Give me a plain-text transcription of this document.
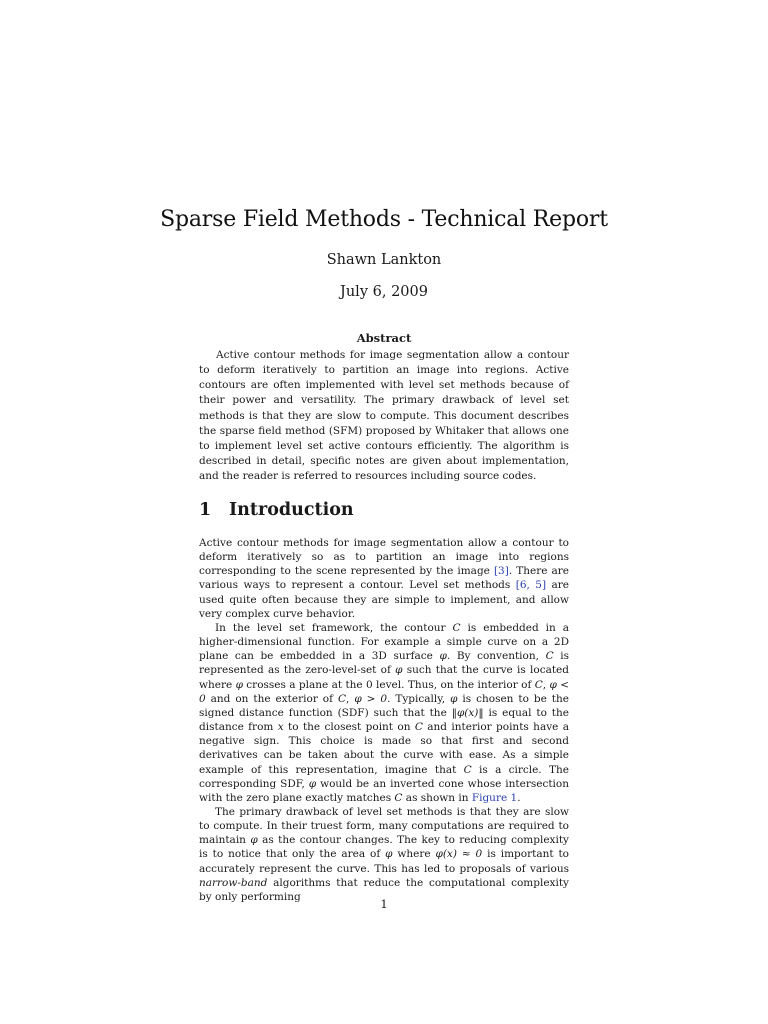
Sparse Field Methods - Technical Report
Shawn Lankton
July 6, 2009
Abstract

Active contour methods for image segmentation allow a contour to deform iteratively to partition an image into regions. Active contours are often implemented with level set methods because of their power and versatility. The primary drawback of level set methods is that they are slow to compute. This document describes the sparse field method (SFM) proposed by Whitaker that allows one to implement level set active contours efficiently. The algorithm is described in detail, specific notes are given about implementation, and the reader is referred to resources including source codes.

1 Introduction

Active contour methods for image segmentation allow a contour to deform iteratively so as to partition an image into regions corresponding to the scene represented by the image [3]. There are various ways to represent a contour. Level set methods [6, 5] are used quite often because they are simple to implement, and allow very complex curve behavior.

In the level set framework, the contour C is embedded in a higher-dimensional function. For example a simple curve on a 2D plane can be embedded in a 3D surface φ. By convention, C is represented as the zero-level-set of φ such that the curve is located where φ crosses a plane at the 0 level. Thus, on the interior of C, φ < 0 and on the exterior of C, φ > 0. Typically, φ is chosen to be the signed distance function (SDF) such that the ‖φ(x)‖ is equal to the distance from x to the closest point on C and interior points have a negative sign. This choice is made so that first and second derivatives can be taken about the curve with ease. As a simple example of this representation, imagine that C is a circle. The corresponding SDF, φ would be an inverted cone whose intersection with the zero plane exactly matches C as shown in Figure 1.

The primary drawback of level set methods is that they are slow to compute. In their truest form, many computations are required to maintain φ as the contour changes. The key to reducing complexity is to notice that only the area of φ where φ(x) ≈ 0 is important to accurately represent the curve. This has led to proposals of various narrow-band algorithms that reduce the computational complexity by only performing

1
